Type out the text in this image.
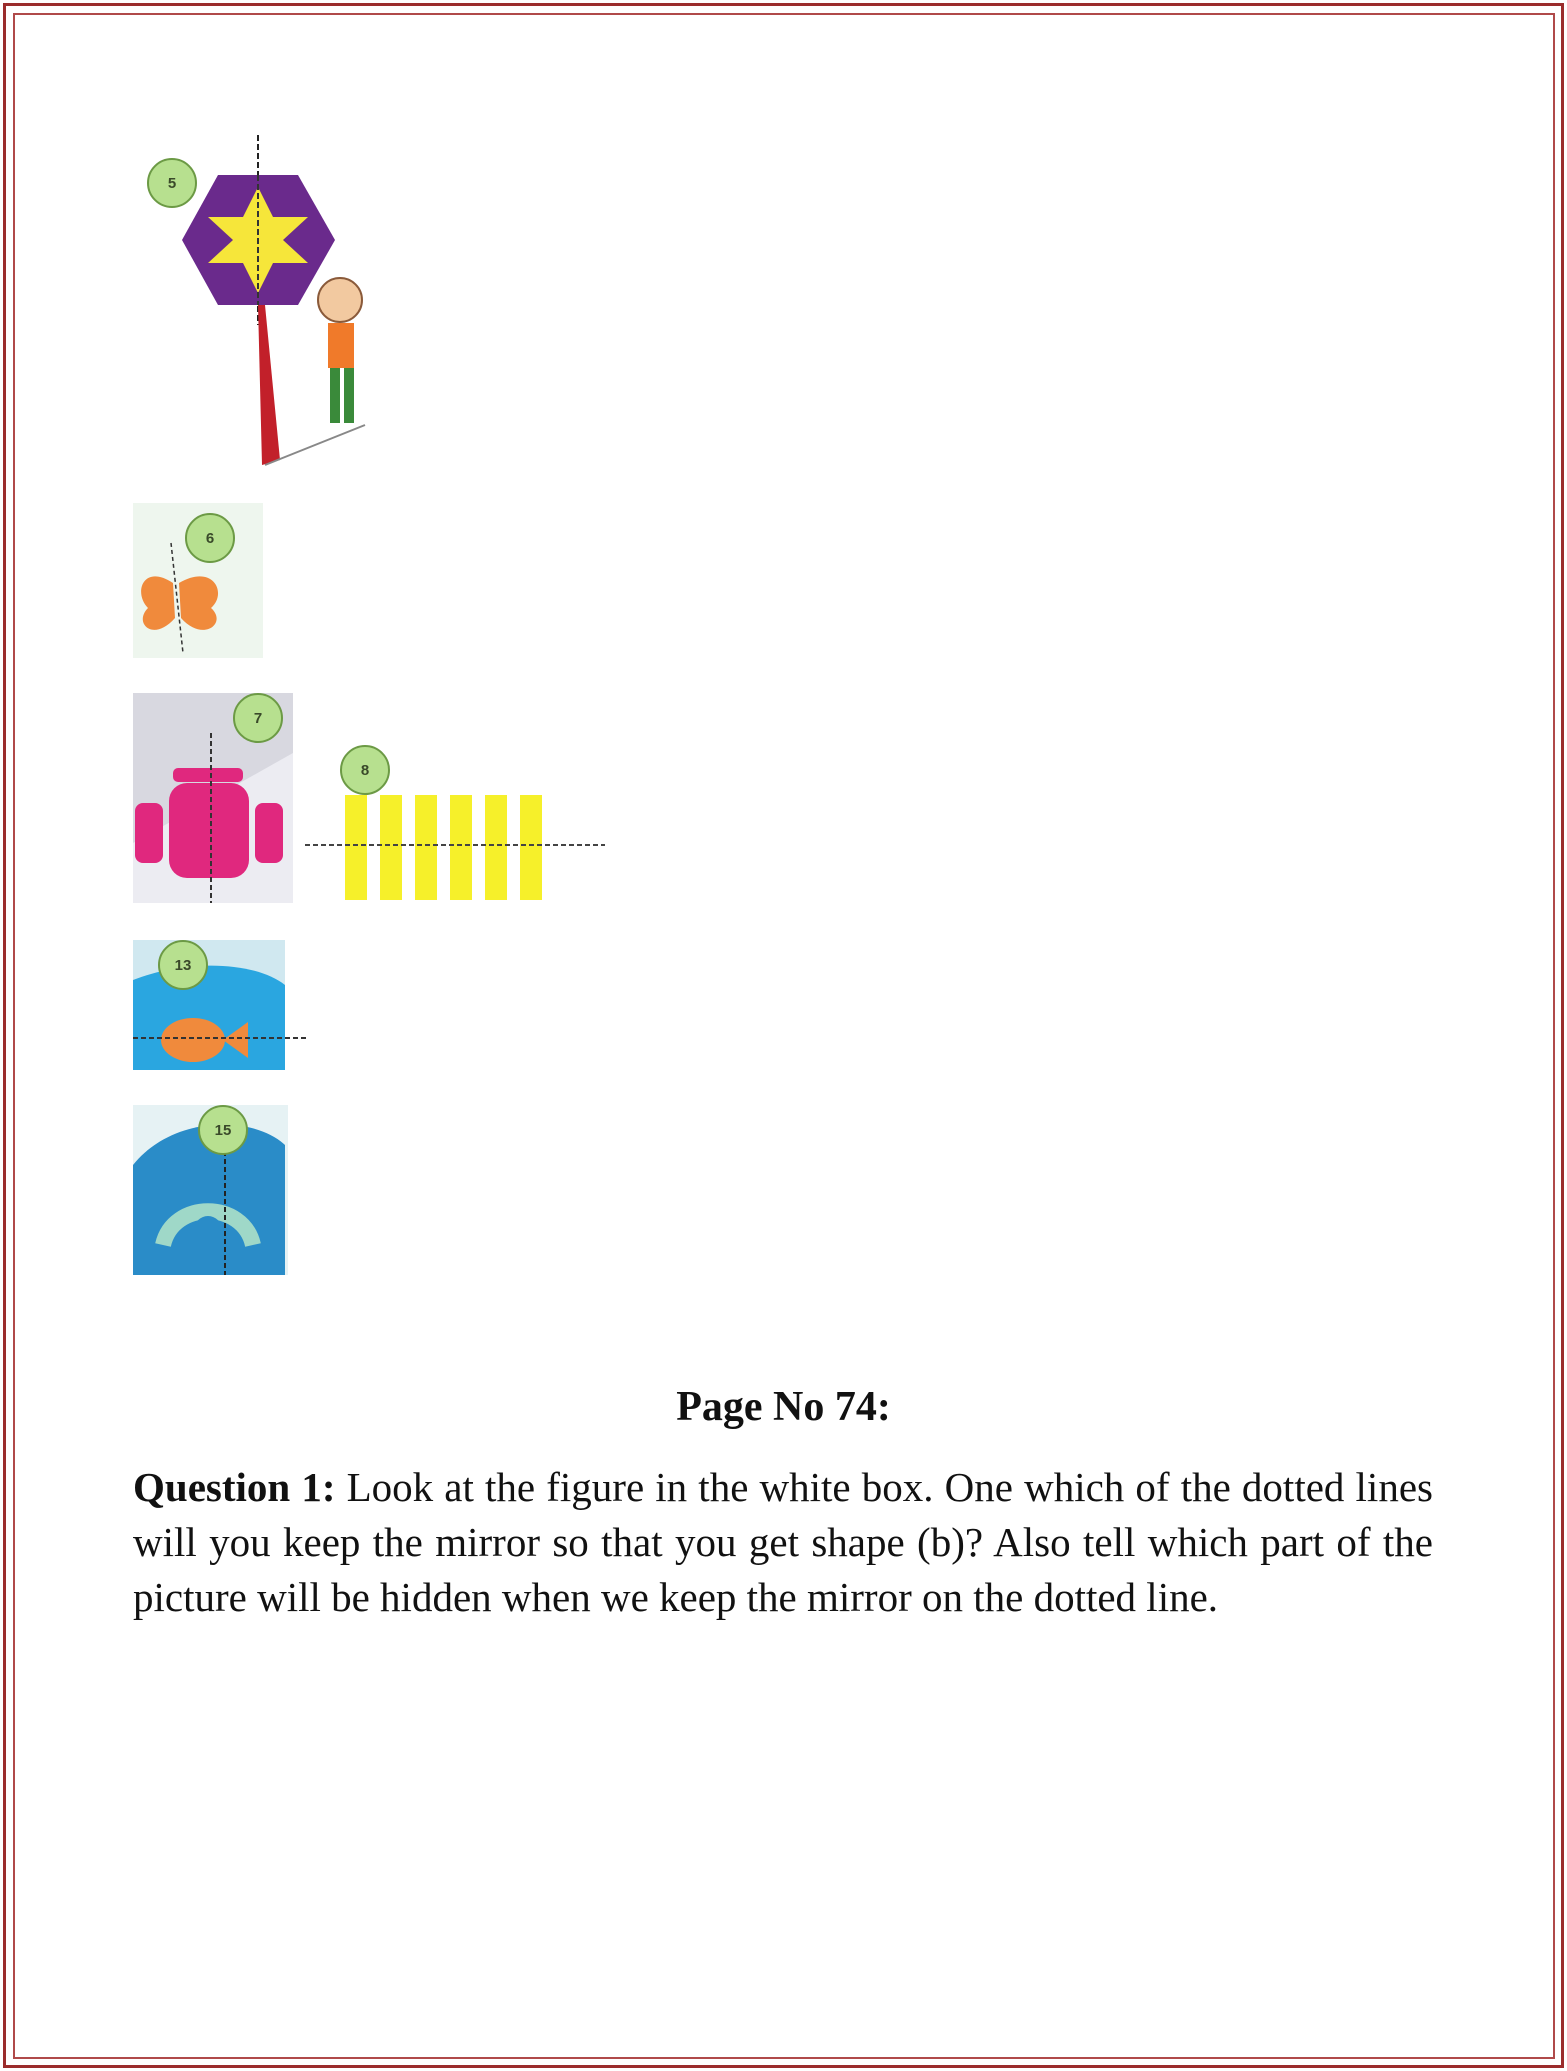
5
6
7
8
13
15
Page No 74:
Question 1: Look at the figure in the white box. One which of the dotted lines will you keep the mirror so that you get shape (b)? Also tell which part of the picture will be hidden when we keep the mirror on the dotted line.
